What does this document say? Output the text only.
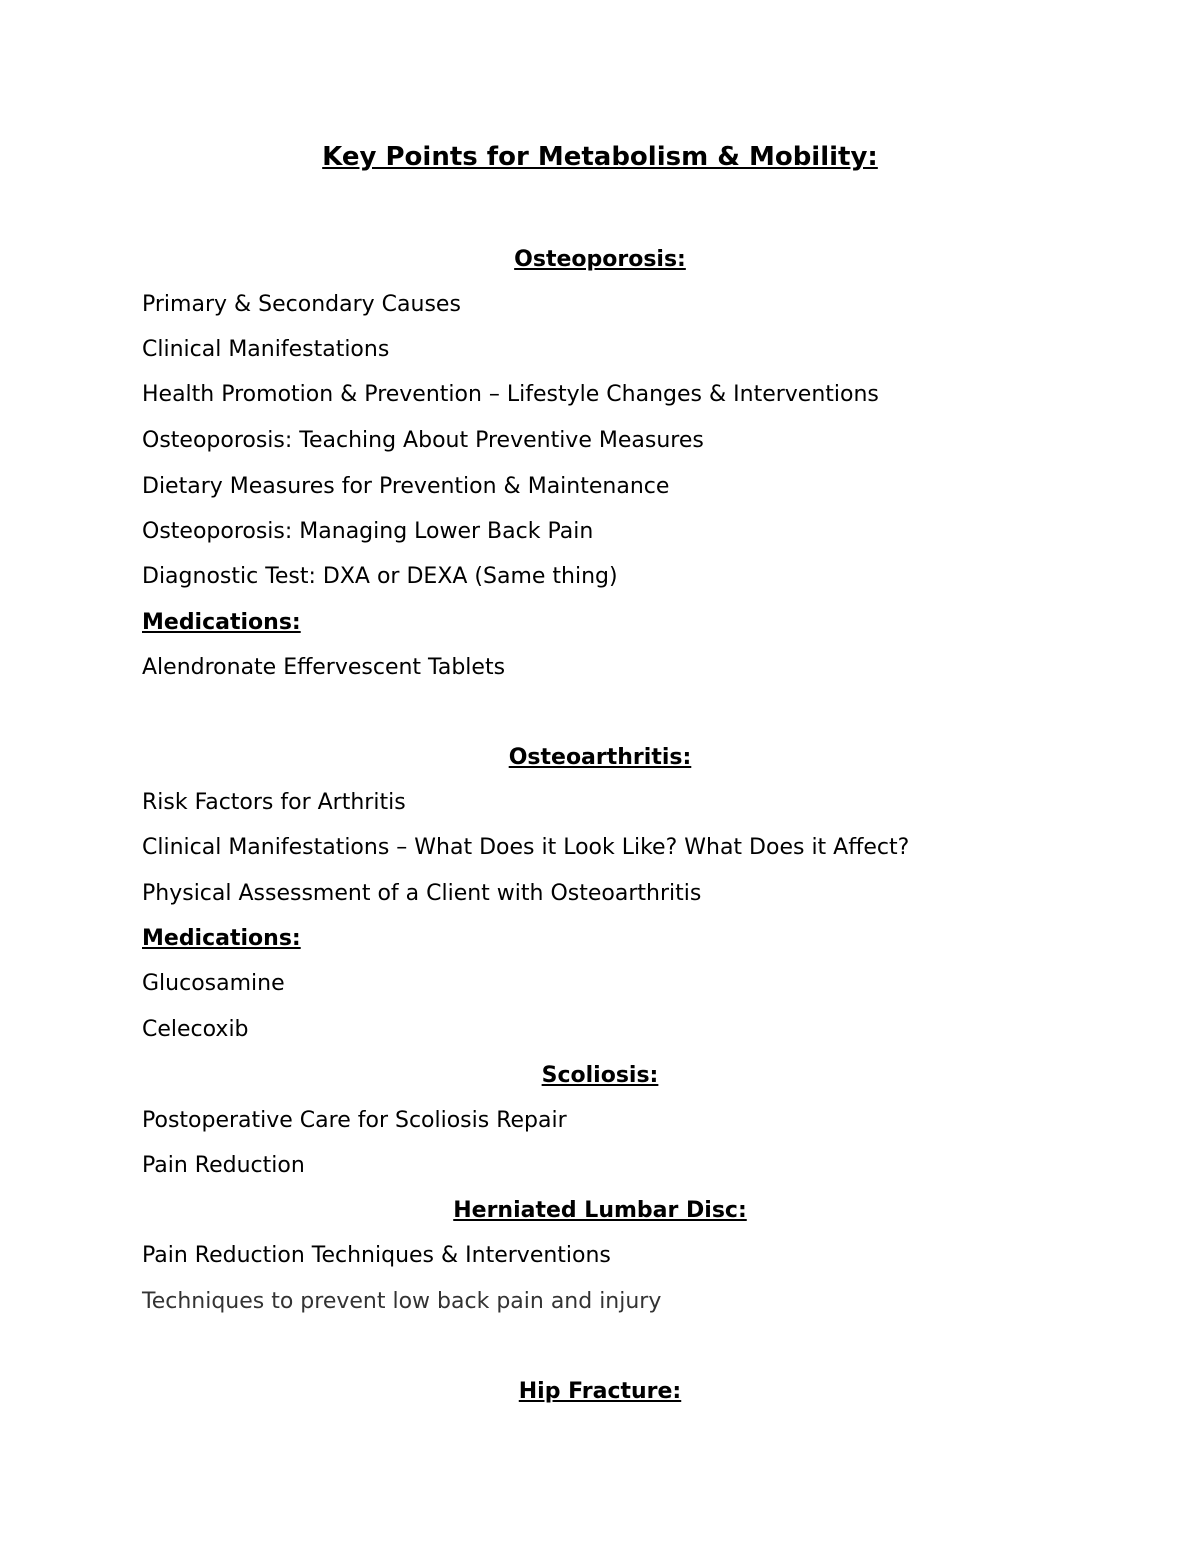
Key Points for Metabolism & Mobility:
Osteoporosis:
Primary & Secondary Causes
Clinical Manifestations
Health Promotion & Prevention – Lifestyle Changes & Interventions
Osteoporosis: Teaching About Preventive Measures
Dietary Measures for Prevention & Maintenance
Osteoporosis: Managing Lower Back Pain
Diagnostic Test: DXA or DEXA (Same thing)
Medications:
Alendronate Effervescent Tablets
Osteoarthritis:
Risk Factors for Arthritis
Clinical Manifestations – What Does it Look Like? What Does it Affect?
Physical Assessment of a Client with Osteoarthritis
Medications:
Glucosamine
Celecoxib
Scoliosis:
Postoperative Care for Scoliosis Repair
Pain Reduction
Herniated Lumbar Disc:
Pain Reduction Techniques & Interventions
Techniques to prevent low back pain and injury
Hip Fracture:
